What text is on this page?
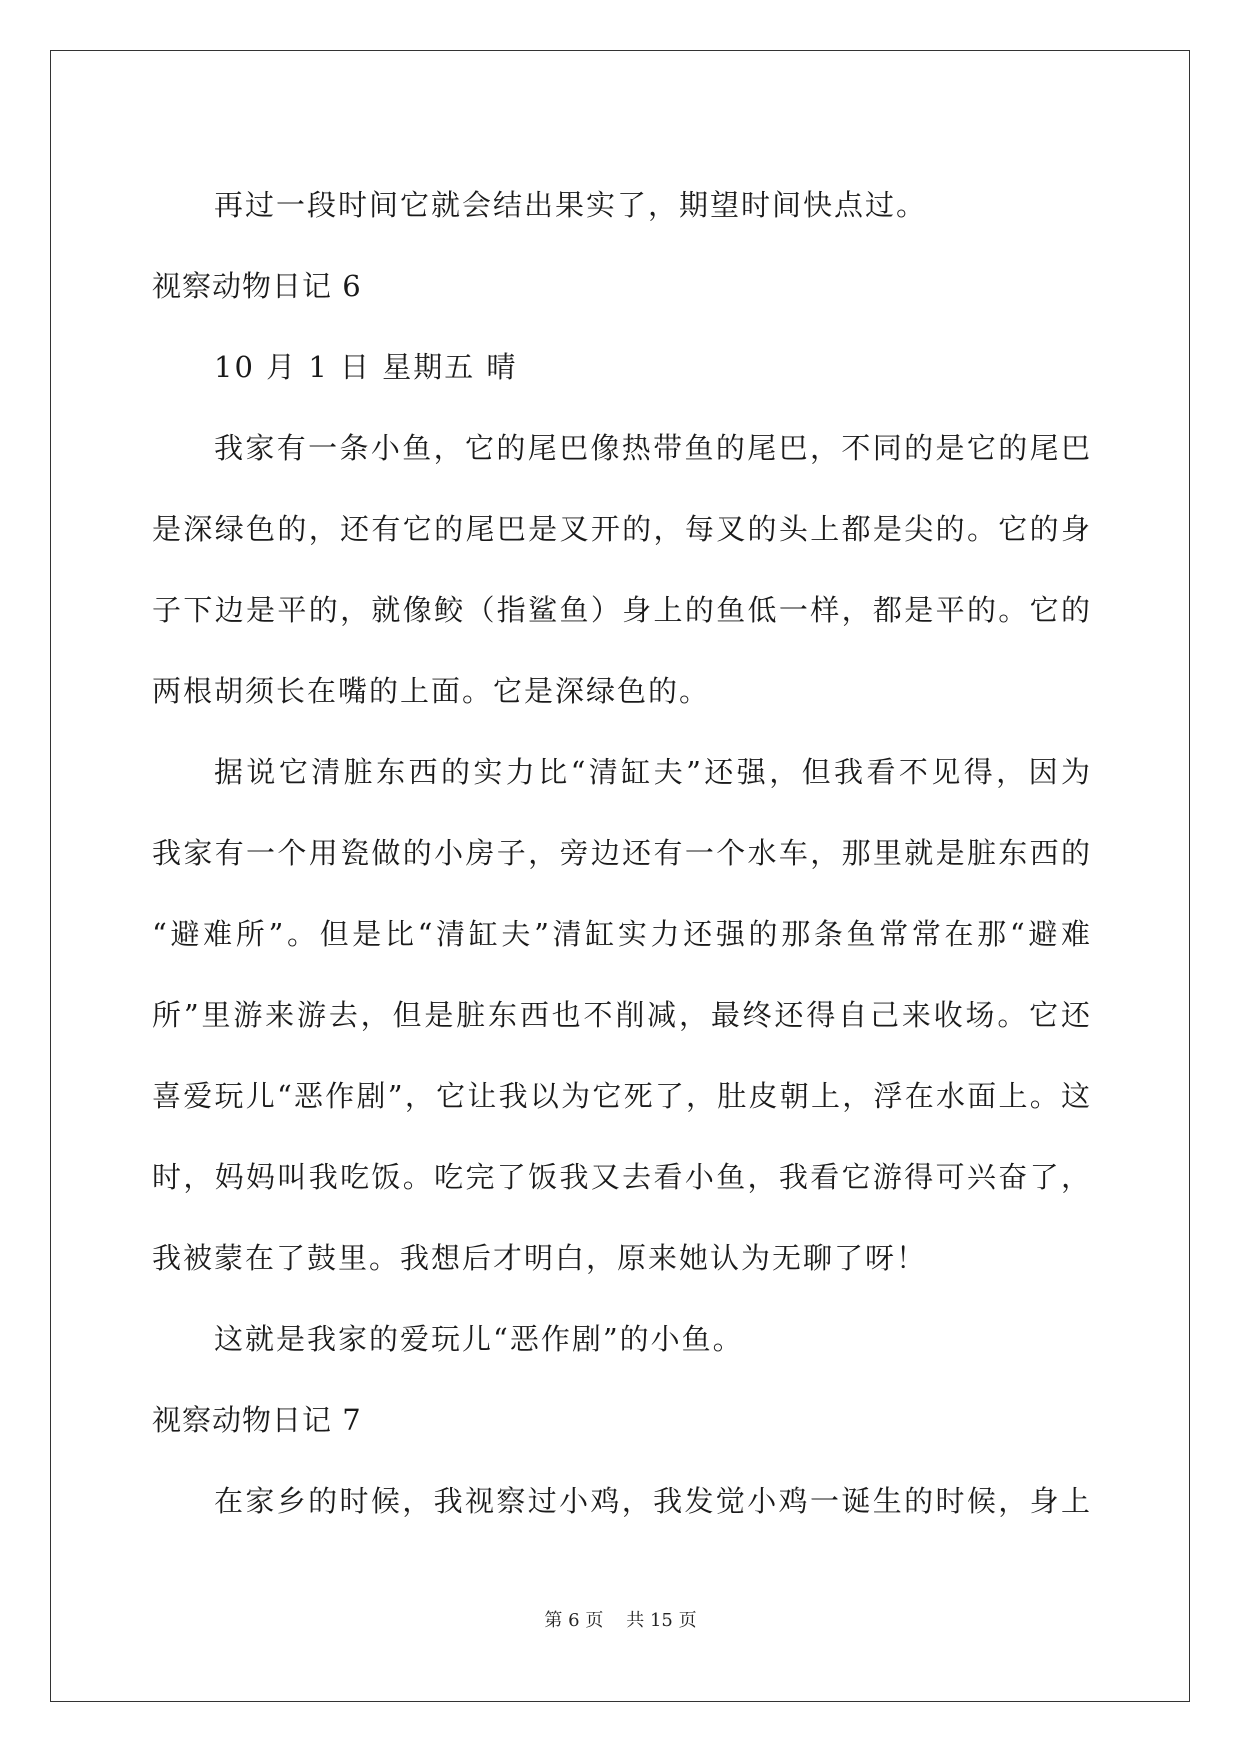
再过一段时间它就会结出果实了，期望时间快点过。
视察动物日记 6
10 月 1 日 星期五 晴
我家有一条小鱼，它的尾巴像热带鱼的尾巴，不同的是它的尾巴
是深绿色的，还有它的尾巴是叉开的，每叉的头上都是尖的。它的身
子下边是平的，就像鲛（指鲨鱼）身上的鱼低一样，都是平的。它的
两根胡须长在嘴的上面。它是深绿色的。
据说它清脏东西的实力比“清缸夫”还强，但我看不见得，因为
我家有一个用瓷做的小房子，旁边还有一个水车，那里就是脏东西的
“避难所”。但是比“清缸夫”清缸实力还强的那条鱼常常在那“避难
所”里游来游去，但是脏东西也不削减，最终还得自己来收场。它还
喜爱玩儿“恶作剧”，它让我以为它死了，肚皮朝上，浮在水面上。这
时，妈妈叫我吃饭。吃完了饭我又去看小鱼，我看它游得可兴奋了，
我被蒙在了鼓里。我想后才明白，原来她认为无聊了呀！
这就是我家的爱玩儿“恶作剧”的小鱼。
视察动物日记 7
在家乡的时候，我视察过小鸡，我发觉小鸡一诞生的时候，身上
第 6 页 共 15 页
